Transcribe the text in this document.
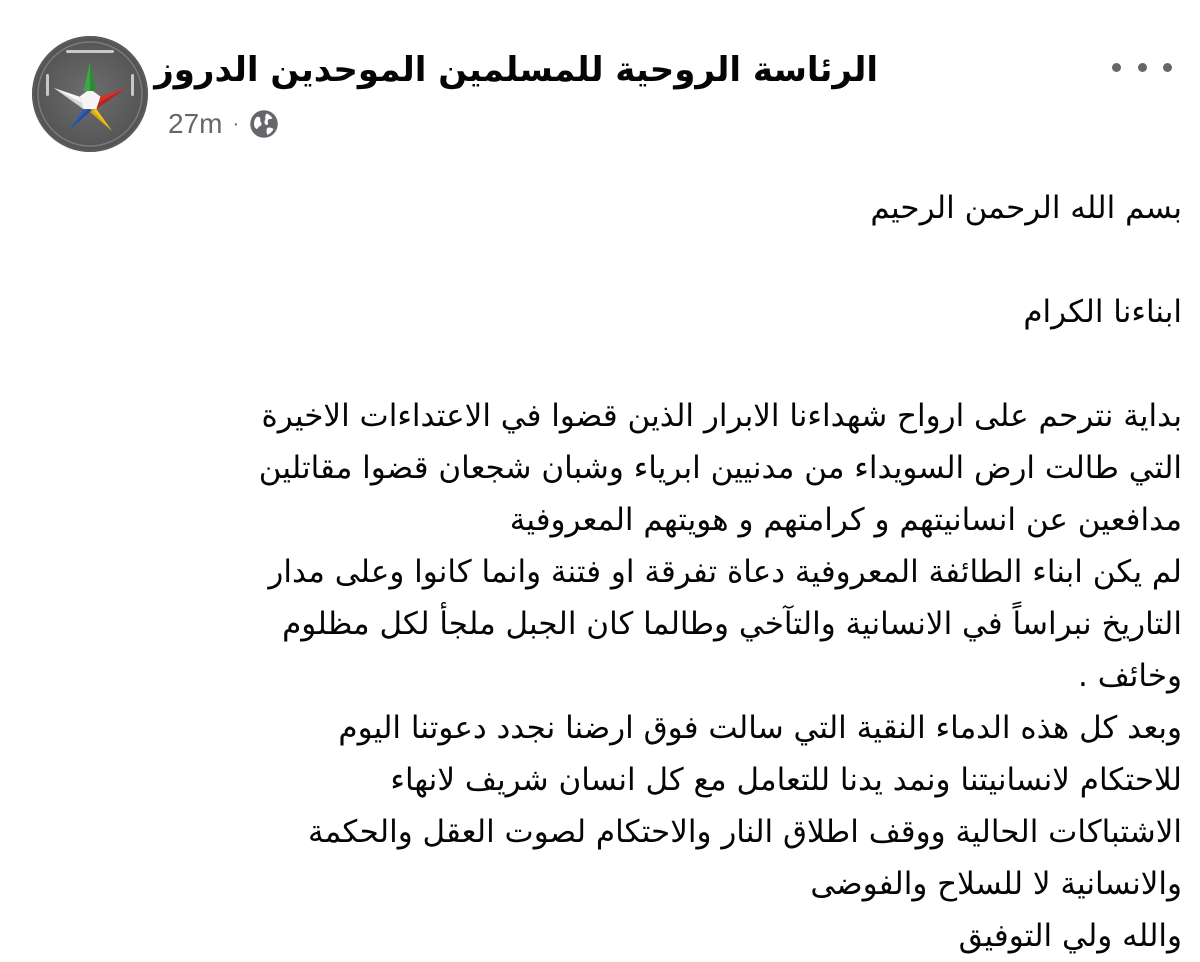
الرئاسة الروحية للمسلمين الموحدين الدروز
27m ·
بسم الله الرحمن الرحيم
ابناءنا الكرام
بداية نترحم على ارواح شهداءنا الابرار الذين قضوا في الاعتداءات الاخيرة
التي طالت ارض السويداء من مدنيين ابرياء وشبان شجعان قضوا مقاتلين
مدافعين عن انسانيتهم و كرامتهم و هويتهم المعروفية
لم يكن ابناء الطائفة المعروفية دعاة تفرقة او فتنة وانما كانوا وعلى مدار
التاريخ نبراساً في الانسانية والتآخي وطالما كان الجبل ملجأ لكل مظلوم
وخائف .
وبعد كل هذه الدماء النقية التي سالت فوق ارضنا نجدد دعوتنا اليوم
للاحتكام لانسانيتنا ونمد يدنا للتعامل مع كل انسان شريف لانهاء
الاشتباكات الحالية ووقف اطلاق النار والاحتكام لصوت العقل والحكمة
والانسانية لا للسلاح والفوضى
والله ولي التوفيق
